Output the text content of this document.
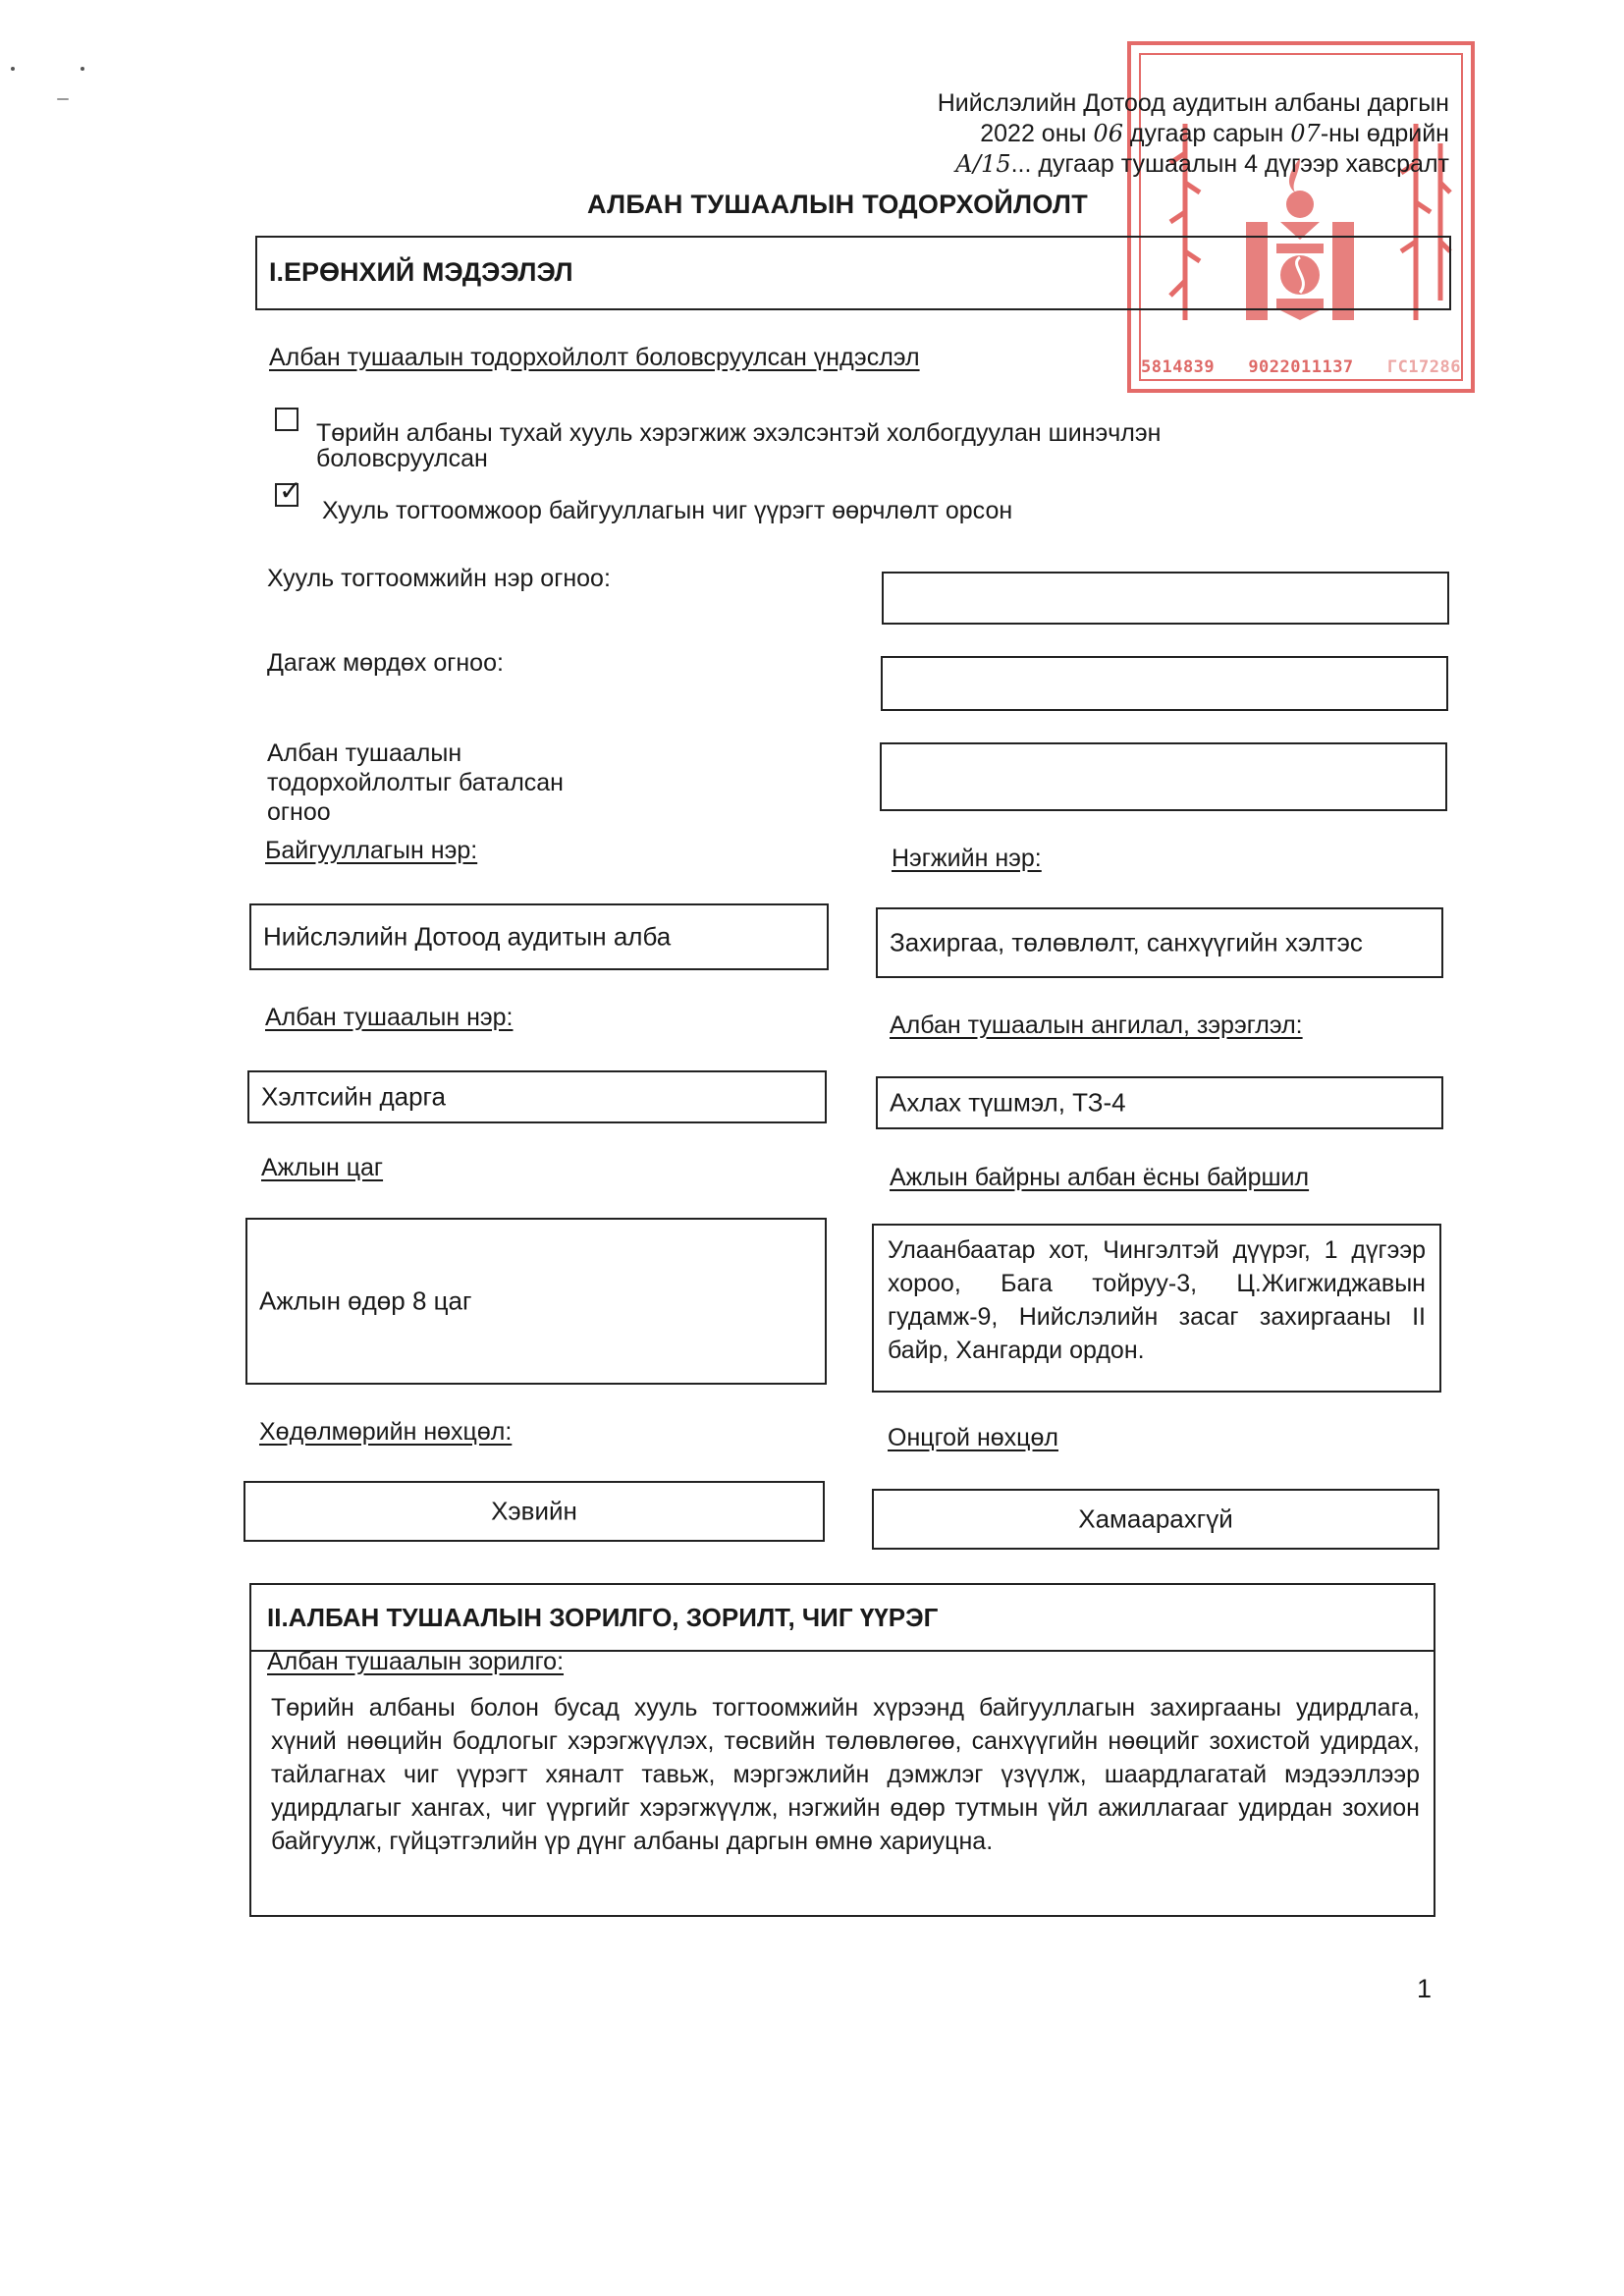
5814839 9022011137 ГС17286
Нийслэлийн Дотоод аудитын албаны даргын
2022 оны 06 дугаар сарын 07-ны өдрийн
А/15... дугаар тушаалын 4 дүгээр хавсралт
АЛБАН ТУШААЛЫН ТОДОРХОЙЛОЛТ
I.ЕРӨНХИЙ МЭДЭЭЛЭЛ
Албан тушаалын тодорхойлолт боловсруулсан үндэслэл
Төрийн албаны тухай хууль хэрэгжиж эхэлсэнтэй холбогдуулан шинэчлэн боловсруулсан
✓
Хууль тогтоомжоор байгууллагын чиг үүрэгт өөрчлөлт орсон
Хууль тогтоомжийн нэр огноо:
Дагаж мөрдөх огноо:
Албан тушаалын тодорхойлолтыг баталсан огноо
Байгууллагын нэр:	Нэгжийн нэр:
Нийслэлийн Дотоод аудитын алба	Захиргаа, төлөвлөлт, санхүүгийн хэлтэс
Албан тушаалын нэр:	Албан тушаалын ангилал, зэрэглэл:
Хэлтсийн дарга	Ахлах түшмэл, ТЗ-4
Ажлын цаг	Ажлын байрны албан ёсны байршил
Ажлын өдөр 8 цаг
Улаанбаатар хот, Чингэлтэй дүүрэг, 1 дүгээр хороо, Бага тойруу-3, Ц.Жигжиджавын гудамж-9, Нийслэлийн засаг захиргааны II байр, Хангарди ордон.
Хөдөлмөрийн нөхцөл:	Онцгой нөхцөл
Хэвийн	Хамаарахгүй
II.АЛБАН ТУШААЛЫН ЗОРИЛГО, ЗОРИЛТ, ЧИГ ҮҮРЭГ
Албан тушаалын зорилго:
Төрийн албаны болон бусад хууль тогтоомжийн хүрээнд байгууллагын захиргааны удирдлага, хүний нөөцийн бодлогыг хэрэгжүүлэх, төсвийн төлөвлөгөө, санхүүгийн нөөцийг зохистой удирдах, тайлагнах чиг үүрэгт хяналт тавьж, мэргэжлийн дэмжлэг үзүүлж, шаардлагатай мэдээллээр удирдлагыг хангах, чиг үүргийг хэрэгжүүлж, нэгжийн өдөр тутмын үйл ажиллагааг удирдан зохион байгуулж, гүйцэтгэлийн үр дүнг албаны даргын өмнө хариуцна.
1
